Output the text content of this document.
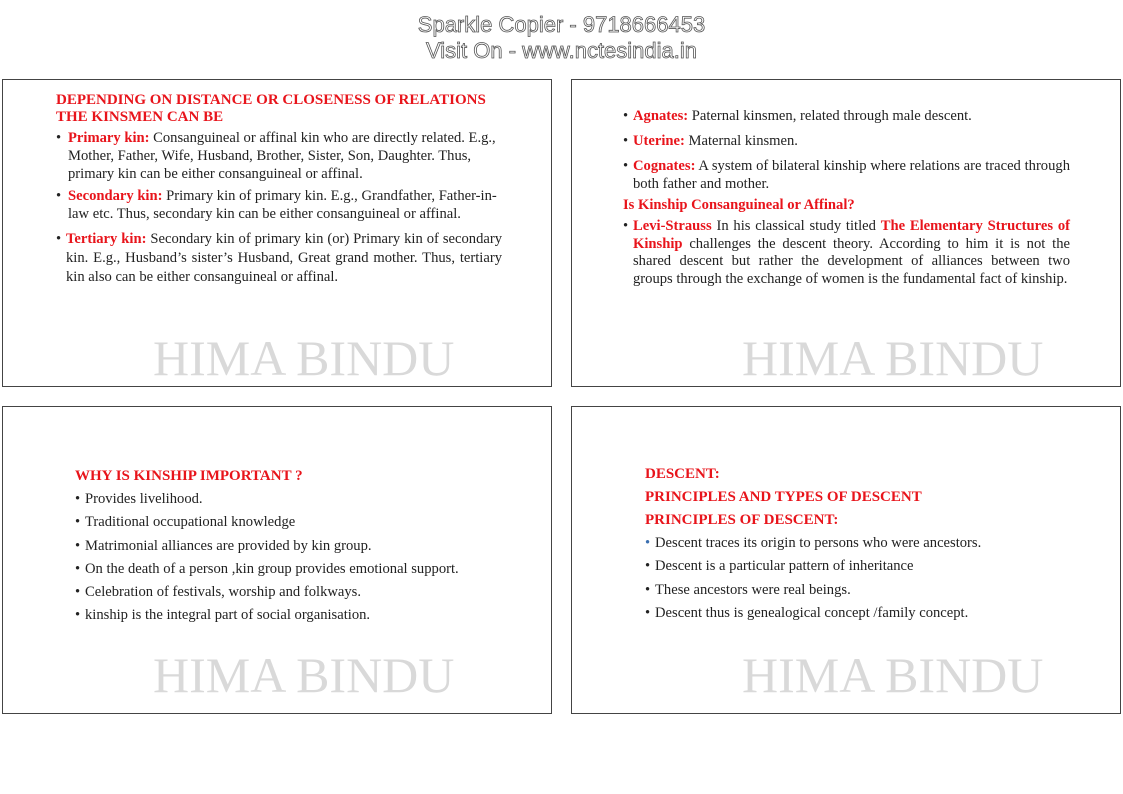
DEPENDING ON DISTANCE OR CLOSENESS OF RELATIONS THE KINSMEN CAN BE
• Primary kin: Consanguineal or affinal kin who are directly related. E.g., Mother, Father, Wife, Husband, Brother, Sister, Son, Daughter. Thus, primary kin can be either consanguineal or affinal.
• Secondary kin: Primary kin of primary kin. E.g., Grandfather, Father-in-law etc. Thus, secondary kin can be either consanguineal or affinal.
• Tertiary kin: Secondary kin of primary kin (or) Primary kin of secondary kin. E.g., Husband’s sister’s Husband, Great grand mother. Thus, tertiary kin also can be either consanguineal or affinal.
HIMA BINDU
• Agnates: Paternal kinsmen, related through male descent.
• Uterine: Maternal kinsmen.
• Cognates: A system of bilateral kinship where relations are traced through both father and mother.
Is Kinship Consanguineal or Affinal?
• Levi-Strauss In his classical study titled The Elementary Structures of Kinship challenges the descent theory. According to him it is not the shared descent but rather the development of alliances between two groups through the exchange of women is the fundamental fact of kinship.
HIMA BINDU
WHY IS KINSHIP IMPORTANT ?
• Provides livelihood.
• Traditional occupational knowledge
• Matrimonial alliances are provided by kin group.
• On the death of a person ,kin group provides emotional support.
• Celebration of festivals, worship and folkways.
• kinship is the integral part of social organisation.
HIMA BINDU
DESCENT:
PRINCIPLES AND TYPES OF DESCENT
PRINCIPLES OF DESCENT:
• Descent traces its origin to persons who were ancestors.
• Descent is a particular pattern of inheritance
• These ancestors were real beings.
• Descent thus is genealogical concept /family concept.
HIMA BINDU
Sparkle Copier - 9718666453
Visit On - www.nctesindia.in
